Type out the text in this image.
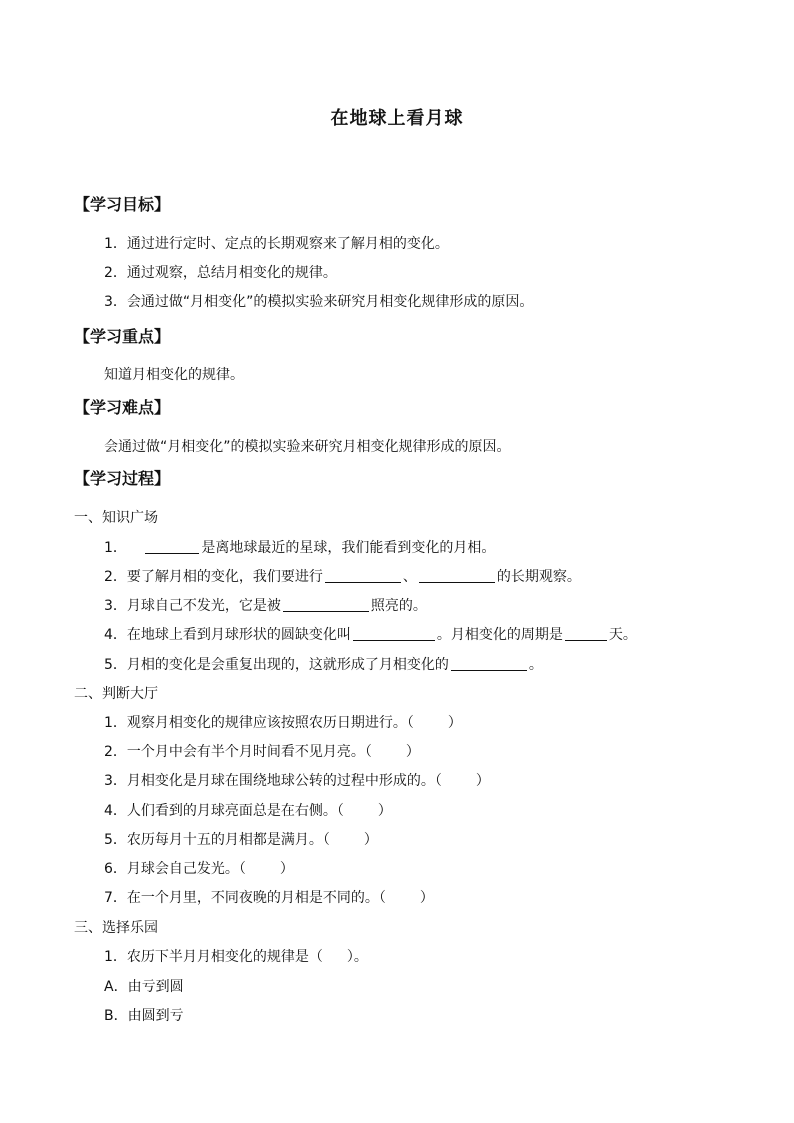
在地球上看月球
【学习目标】
1．通过进行定时、定点的长期观察来了解月相的变化。
2．通过观察，总结月相变化的规律。
3．会通过做“月相变化”的模拟实验来研究月相变化规律形成的原因。
【学习重点】
知道月相变化的规律。
【学习难点】
会通过做“月相变化”的模拟实验来研究月相变化规律形成的原因。
【学习过程】
一、知识广场
1．	是离地球最近的星球，我们能看到变化的月相。
2．要了解月相的变化，我们要进行	、	的长期观察。
3．月球自己不发光，它是被	照亮的。
4．在地球上看到月球形状的圆缺变化叫	。月相变化的周期是	天。
5．月相的变化是会重复出现的，这就形成了月相变化的	。
二、判断大厅
1．观察月相变化的规律应该按照农历日期进行。（ ）
2．一个月中会有半个月时间看不见月亮。（ ）
3．月相变化是月球在围绕地球公转的过程中形成的。（ ）
4．人们看到的月球亮面总是在右侧。（ ）
5．农历每月十五的月相都是满月。（ ）
6．月球会自己发光。（ ）
7．在一个月里，不同夜晚的月相是不同的。（ ）
三、选择乐园
1．农历下半月月相变化的规律是（ ）。
A．由亏到圆
B．由圆到亏
